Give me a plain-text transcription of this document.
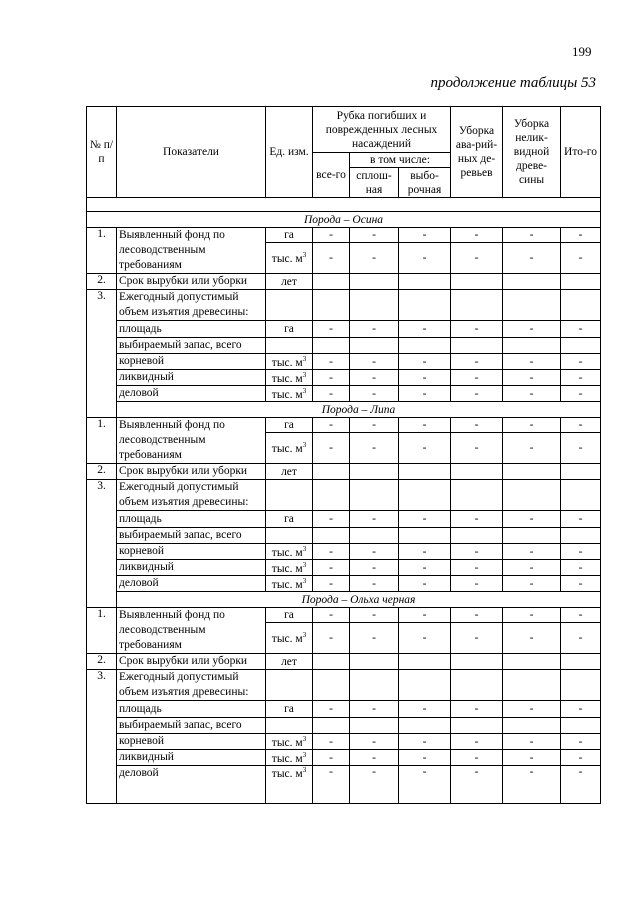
199
продолжение таблицы 53
№ п/п	Показатели	Ед. изм.	Рубка погибших и поврежденных лесных насаждений			Уборка ава-рий-ных де-ревьев	Уборка нелик-видной древе-сины	Ито-го
			все-го	в том числе:				
				сплош-ная	выбо-рочная			

Порода – Осина								
1.	Выявленный фонд по лесоводственным требованиям	га	-	-	-	-	-	-
		тыс. $м^3$	-	-	-	-	-	-
2.	Срок вырубки или уборки	лет						
3.	Ежегодный допустимый объем изъятия древесины:							
	площадь	га	-	-	-	-	-	-
	выбираемый запас, всего							
	корневой	тыс. $м^3$	-	-	-	-	-	-
	ликвидный	тыс. $м^3$	-	-	-	-	-	-
	деловой	тыс. $м^3$	-	-	-	-	-	-
	Порода – Липа							
1.	Выявленный фонд по лесоводственным требованиям	га	-	-	-	-	-	-
		тыс. $м^3$	-	-	-	-	-	-
2.	Срок вырубки или уборки	лет						
3.	Ежегодный допустимый объем изъятия древесины:							
	площадь	га	-	-	-	-	-	-
	выбираемый запас, всего							
	корневой	тыс. $м^3$	-	-	-	-	-	-
	ликвидный	тыс. $м^3$	-	-	-	-	-	-
	деловой	тыс. $м^3$	-	-	-	-	-	-
	Порода – Ольха черная							
1.	Выявленный фонд по лесоводственным требованиям	га	-	-	-	-	-	-
		тыс. $м^3$	-	-	-	-	-	-
2.	Срок вырубки или уборки	лет						
3.	Ежегодный допустимый объем изъятия древесины:							
	площадь	га	-	-	-	-	-	-
	выбираемый запас, всего							
	корневой	тыс. $м^3$	-	-	-	-	-	-
	ликвидный	тыс. $м^3$	-	-	-	-	-	-
	деловой	тыс. $м^3$	-	-	-	-	-	-
